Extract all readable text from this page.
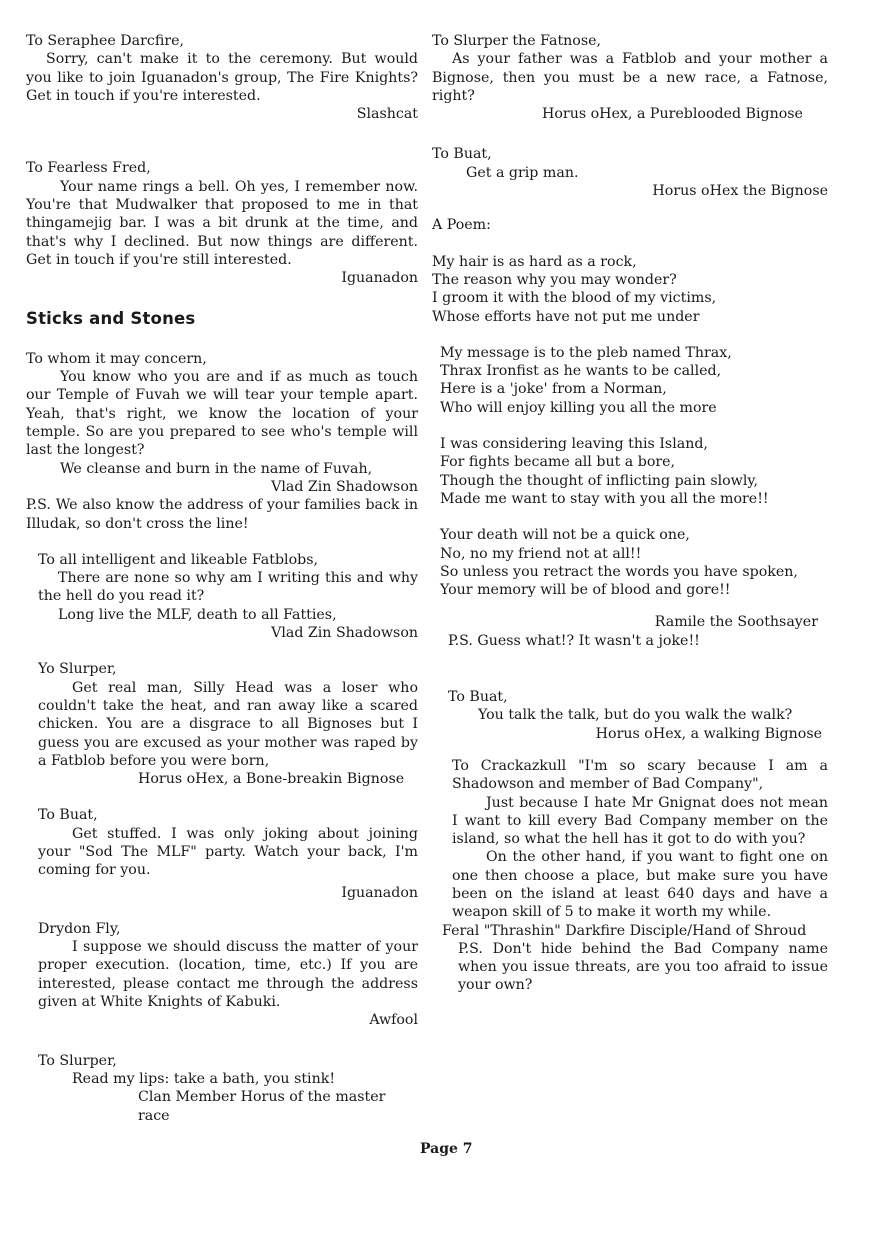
To Seraphee Darcfire,

Sorry, can't make it to the ceremony. But would you like to join Iguanadon's group, The Fire Knights? Get in touch if you're interested.

Slashcat

To Fearless Fred,

Your name rings a bell. Oh yes, I remember now. You're that Mudwalker that proposed to me in that thingamejig bar. I was a bit drunk at the time, and that's why I declined. But now things are different. Get in touch if you're still interested.

Iguanadon

Sticks and Stones

To whom it may concern,

You know who you are and if as much as touch our Temple of Fuvah we will tear your temple apart. Yeah, that's right, we know the location of your temple. So are you prepared to see who's temple will last the longest?

We cleanse and burn in the name of Fuvah,

Vlad Zin Shadowson

P.S. We also know the address of your families back in Illudak, so don't cross the line!

To all intelligent and likeable Fatblobs,

There are none so why am I writing this and why the hell do you read it?

Long live the MLF, death to all Fatties,

Vlad Zin Shadowson

Yo Slurper,

Get real man, Silly Head was a loser who couldn't take the heat, and ran away like a scared chicken. You are a disgrace to all Bignoses but I guess you are excused as your mother was raped by a Fatblob before you were born,

Horus oHex, a Bone-breakin Bignose

To Buat,

Get stuffed. I was only joking about joining your "Sod The MLF" party. Watch your back, I'm coming for you.

Iguanadon

Drydon Fly,

I suppose we should discuss the matter of your proper execution. (location, time, etc.) If you are interested, please contact me through the address given at White Knights of Kabuki.

Awfool

To Slurper,

Read my lips: take a bath, you stink!

Clan Member Horus of the master race

To Slurper the Fatnose,

As your father was a Fatblob and your mother a Bignose, then you must be a new race, a Fatnose, right?

Horus oHex, a Pureblooded Bignose

To Buat,

Get a grip man.

Horus oHex the Bignose

A Poem:

My hair is as hard as a rock,

The reason why you may wonder?

I groom it with the blood of my victims,

Whose efforts have not put me under

My message is to the pleb named Thrax,

Thrax Ironfist as he wants to be called,

Here is a 'joke' from a Norman,

Who will enjoy killing you all the more

I was considering leaving this Island,

For fights became all but a bore,

Though the thought of inflicting pain slowly,

Made me want to stay with you all the more!!

Your death will not be a quick one,

No, no my friend not at all!!

So unless you retract the words you have spoken,

Your memory will be of blood and gore!!

Ramile the Soothsayer

P.S. Guess what!? It wasn't a joke!!

To Buat,

You talk the talk, but do you walk the walk?

Horus oHex, a walking Bignose

To Crackazkull "I'm so scary because I am a Shadowson and member of Bad Company",

Just because I hate Mr Gnignat does not mean I want to kill every Bad Company member on the island, so what the hell has it got to do with you?

On the other hand, if you want to fight one on one then choose a place, but make sure you have been on the island at least 640 days and have a weapon skill of 5 to make it worth my while.

Feral "Thrashin" Darkfire Disciple/Hand of Shroud

P.S. Don't hide behind the Bad Company name when you issue threats, are you too afraid to issue your own?

Page 7
